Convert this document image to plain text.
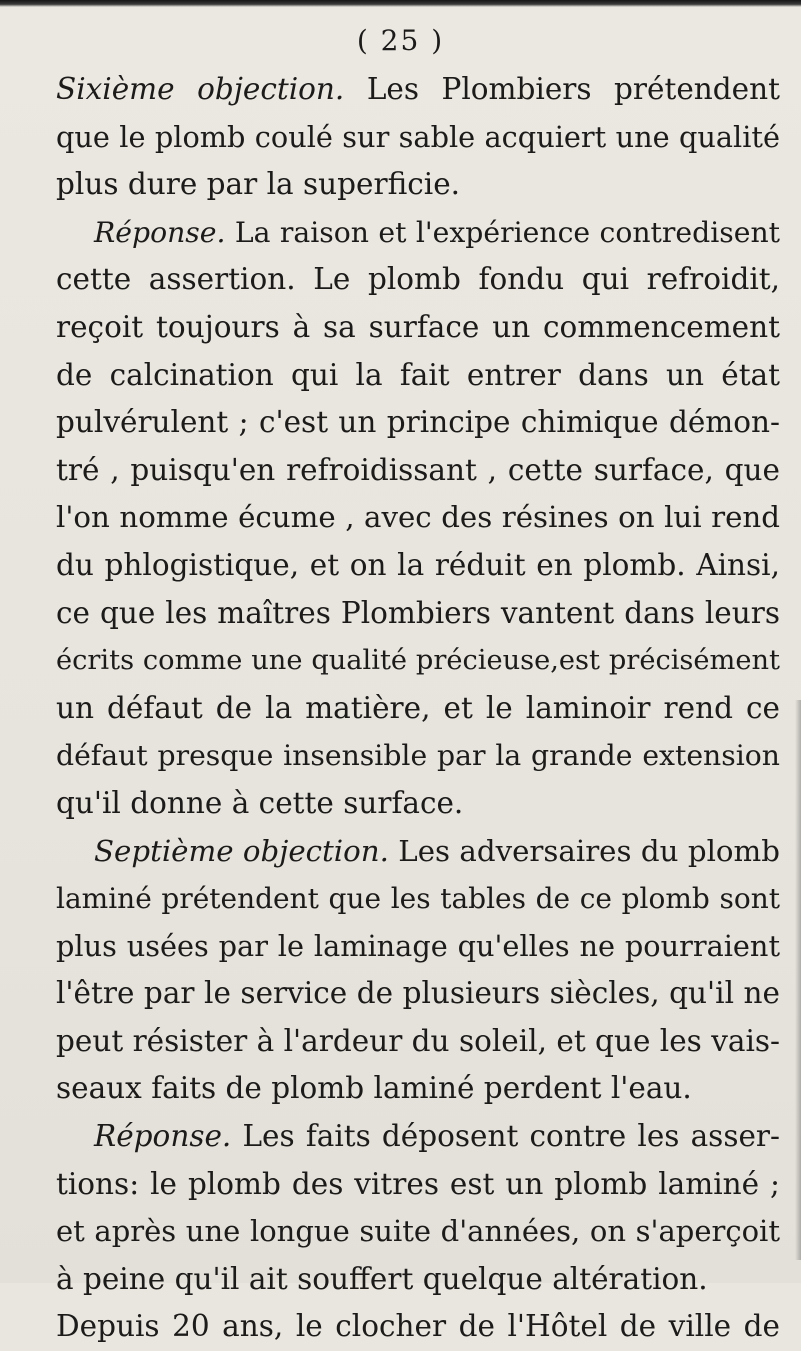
( 25 )
Sixième objection. Les Plombiers prétendent
que le plomb coulé sur sable acquiert une qualité
plus dure par la superficie.
Réponse. La raison et l'expérience contredisent
cette assertion. Le plomb fondu qui refroidit,
reçoit toujours à sa surface un commencement
de calcination qui la fait entrer dans un état
pulvérulent ; c'est un principe chimique démon-
tré , puisqu'en refroidissant , cette surface, que
l'on nomme écume , avec des résines on lui rend
du phlogistique, et on la réduit en plomb. Ainsi,
ce que les maîtres Plombiers vantent dans leurs
écrits comme une qualité précieuse,est précisément
un défaut de la matière, et le laminoir rend ce
défaut presque insensible par la grande extension
qu'il donne à cette surface.
Septième objection. Les adversaires du plomb
laminé prétendent que les tables de ce plomb sont
plus usées par le laminage qu'elles ne pourraient
l'être par le service de plusieurs siècles, qu'il ne
peut résister à l'ardeur du soleil, et que les vais-
seaux faits de plomb laminé perdent l'eau.
Réponse. Les faits déposent contre les asser-
tions: le plomb des vitres est un plomb laminé ;
et après une longue suite d'années, on s'aperçoit
à peine qu'il ait souffert quelque altération.
Depuis 20 ans, le clocher de l'Hôtel de ville de
